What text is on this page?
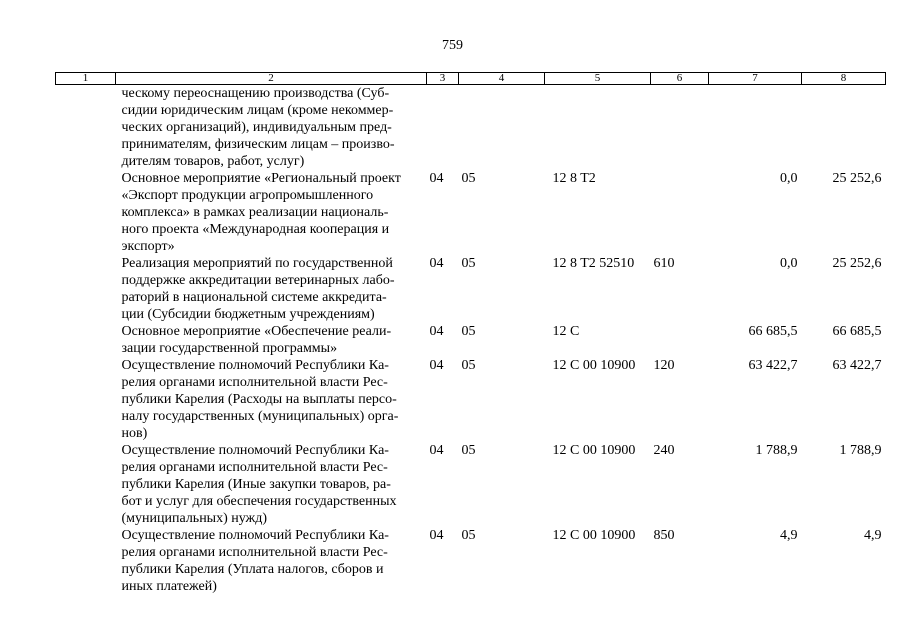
759
1	2	3	4	5	6	7	8

	ческому переоснащению производства (Суб-
сидии юридическим лицам (кроме некоммер-
ческих организаций), индивидуальным пред-
принимателям, физическим лицам – произво-
дителям товаров, работ, услуг)						

	Основное мероприятие «Региональный проект
«Экспорт продукции агропромышленного
комплекса» в рамках реализации националь-
ного проекта «Международная кооперация и
экспорт»	04	05	12 8 T2		0,0	25 252,6

	Реализация мероприятий по государственной
поддержке аккредитации ветеринарных лабо-
раторий в национальной системе аккредита-
ции (Субсидии бюджетным учреждениям)	04	05	12 8 T2 52510	610	0,0	25 252,6

	Основное мероприятие «Обеспечение реали-
зации государственной программы»	04	05	12 С		66 685,5	66 685,5

	Осуществление полномочий Республики Ка-
релия органами исполнительной власти Рес-
публики Карелия (Расходы на выплаты персо-
налу государственных (муниципальных) орга-
нов)	04	05	12 С 00 10900	120	63 422,7	63 422,7

	Осуществление полномочий Республики Ка-
релия органами исполнительной власти Рес-
публики Карелия (Иные закупки товаров, ра-
бот и услуг для обеспечения государственных
(муниципальных) нужд)	04	05	12 С 00 10900	240	1 788,9	1 788,9

	Осуществление полномочий Республики Ка-
релия органами исполнительной власти Рес-
публики Карелия (Уплата налогов, сборов и
иных платежей)	04	05	12 С 00 10900	850	4,9	4,9
